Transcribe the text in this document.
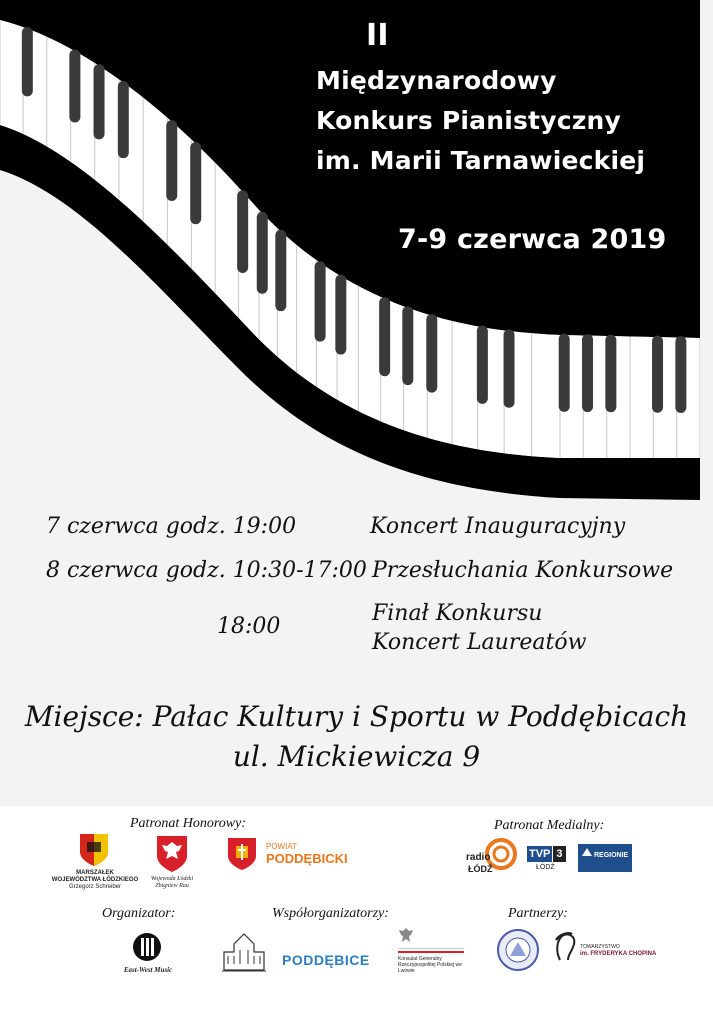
II
Międzynarodowy
Konkurs Pianistyczny
im. Marii Tarnawieckiej
7-9 czerwca 2019
7 czerwca godz. 19:00	Koncert Inauguracyjny
8 czerwca godz. 10:30-17:00 Przesłuchania Konkursowe
18:00
Finał Konkursu
Koncert Laureatów
Miejsce: Pałac Kultury i Sportu w Poddębicach
ul. Mickiewicza 9
Patronat Honorowy:	Patronat Medialny:
MARSZAŁEK
WOJEWÓDZTWA ŁÓDZKIEGO
Grzegorz Schreiber
Wojewoda Łódzki
Zbigniew Rau
POWIAT
PODDĘBICKI	radio
ŁÓDŹ
TVP 3
ŁÓDŹ
REGIONIE
Organizator:	Współorganizatorzy:	Partnerzy:
East-West Music
PODDĘBICE	Konsulat Generalny Rzeczypospolitej Polskiej we Lwowie
TOWARZYSTWO
im. FRYDERYKA CHOPINA
